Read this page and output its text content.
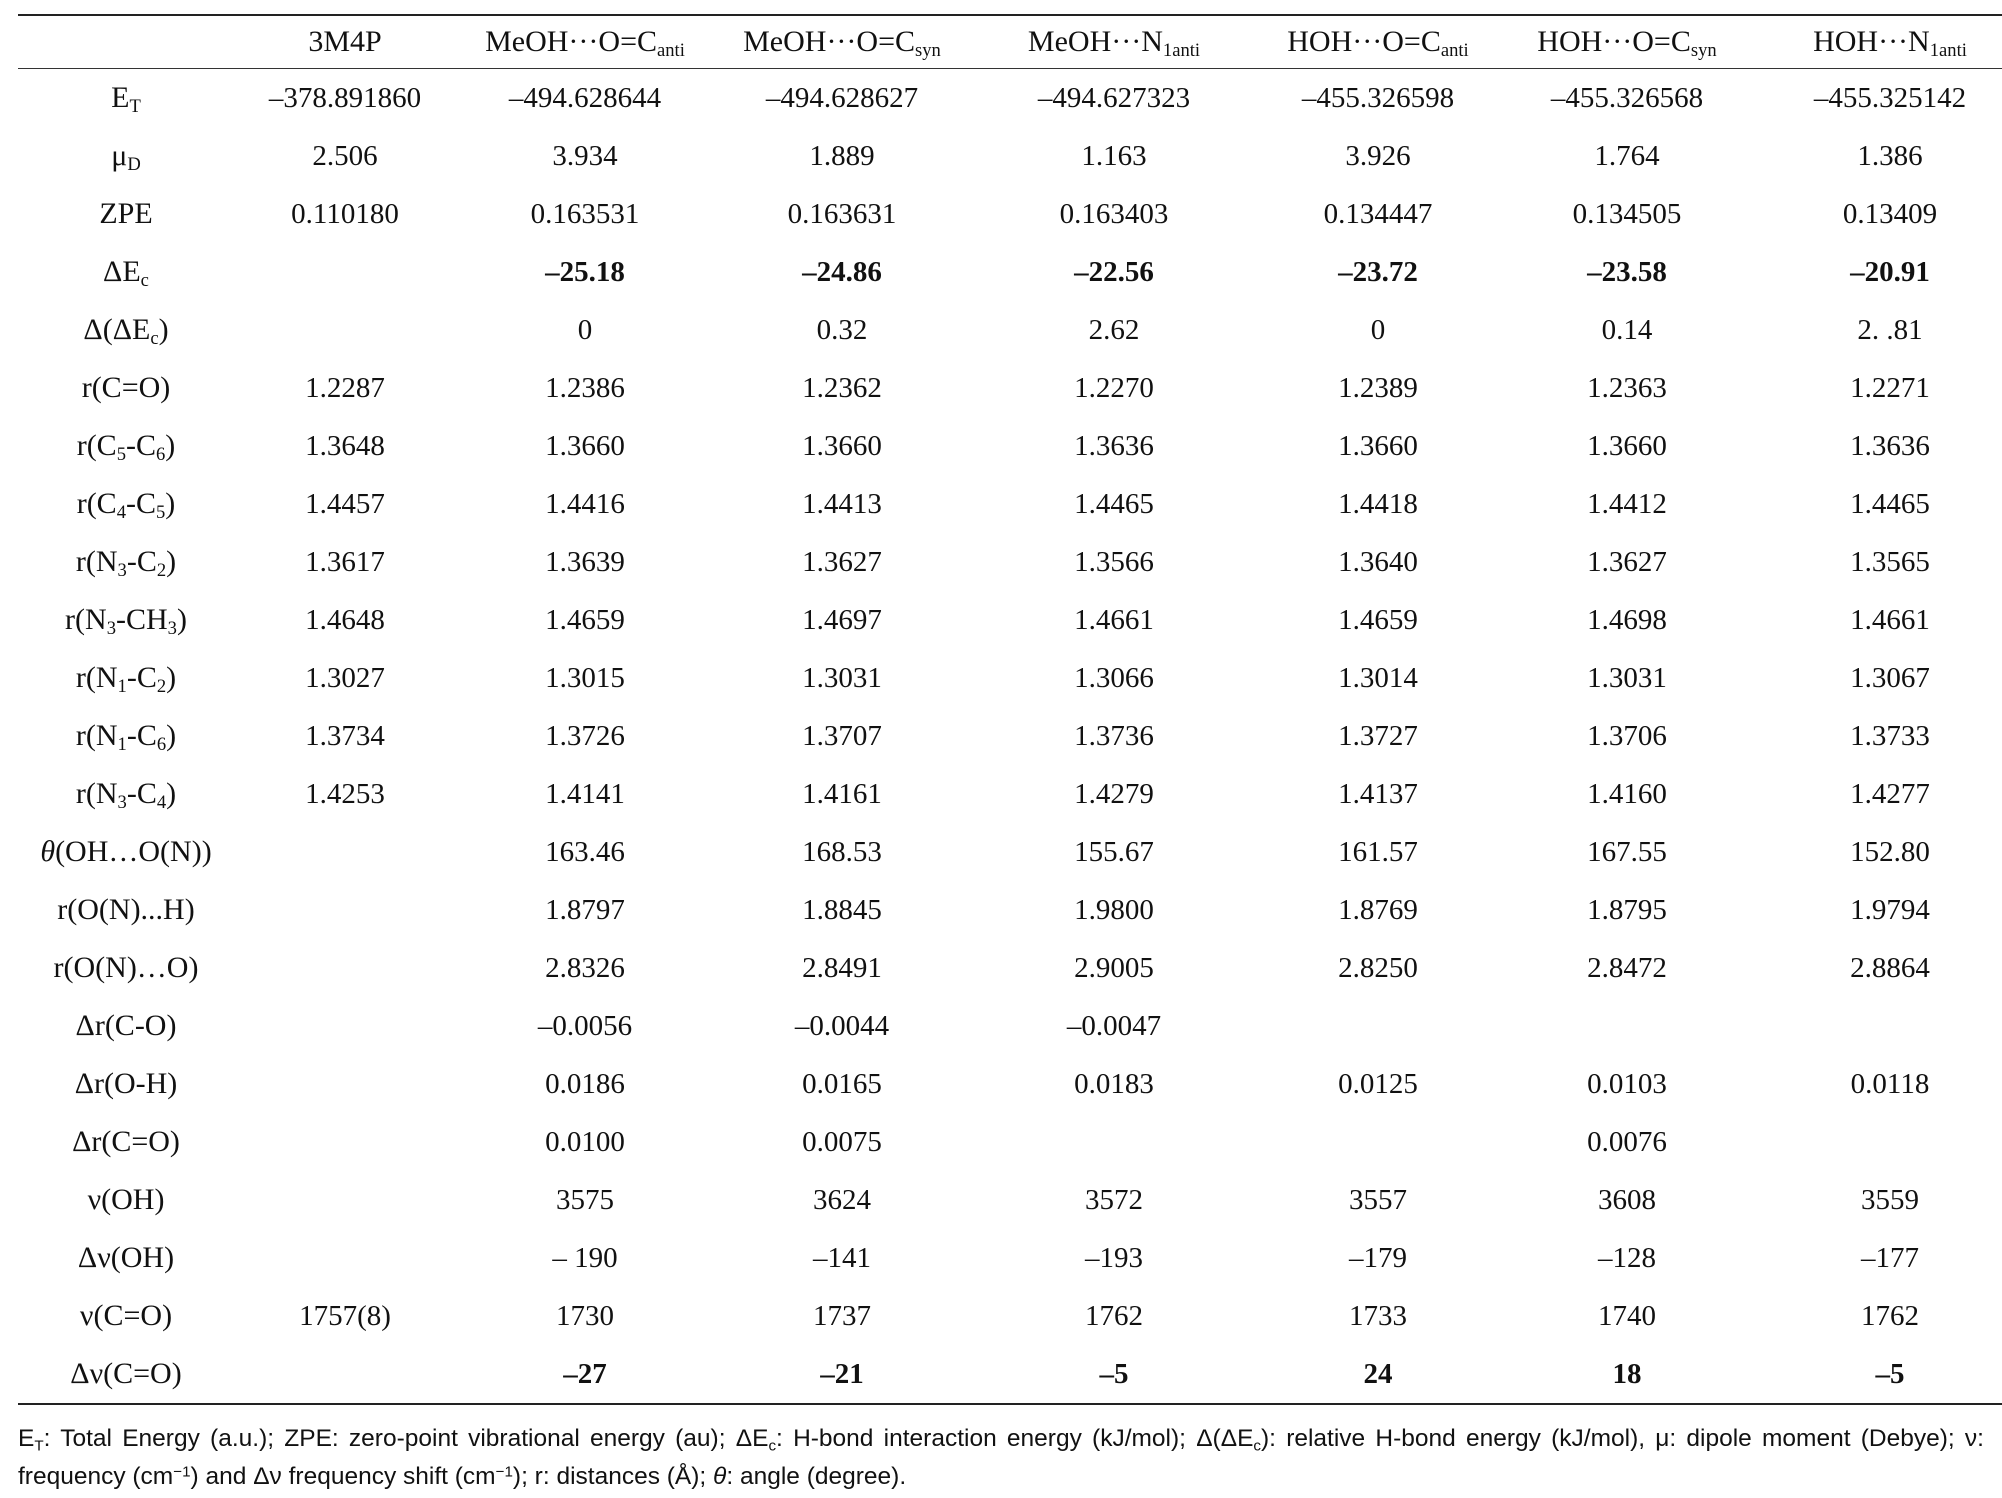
	3M4P	$MeOH\cdot\cdot\cdot O=C_{anti}$	$MeOH\cdot\cdot\cdot O=C_{syn}$	$MeOH\cdot\cdot\cdot N_{1anti}$	$HOH\cdot\cdot\cdot O=C_{anti}$	$HOH\cdot\cdot\cdot O=C_{syn}$	$HOH\cdot\cdot\cdot N_{1anti}$
$E_T$	–378.891860	–494.628644	–494.628627	–494.627323	–455.326598	–455.326568	–455.325142
$\mu_D$	2.506	3.934	1.889	1.163	3.926	1.764	1.386
ZPE	0.110180	0.163531	0.163631	0.163403	0.134447	0.134505	0.13409
$\Delta E_c$		–25.18	–24.86	–22.56	–23.72	–23.58	–20.91
$\Delta(\Delta E_c)$		0	0.32	2.62	0	0.14	2. .81
r(C=O)	1.2287	1.2386	1.2362	1.2270	1.2389	1.2363	1.2271
$r(C_5-C_6)$	1.3648	1.3660	1.3660	1.3636	1.3660	1.3660	1.3636
$r(C_4-C_5)$	1.4457	1.4416	1.4413	1.4465	1.4418	1.4412	1.4465
$r(N_3-C_2)$	1.3617	1.3639	1.3627	1.3566	1.3640	1.3627	1.3565
$r(N_3-CH_3)$	1.4648	1.4659	1.4697	1.4661	1.4659	1.4698	1.4661
$r(N_1-C_2)$	1.3027	1.3015	1.3031	1.3066	1.3014	1.3031	1.3067
$r(N_1-C_6)$	1.3734	1.3726	1.3707	1.3736	1.3727	1.3706	1.3733
$r(N_3-C_4)$	1.4253	1.4141	1.4161	1.4279	1.4137	1.4160	1.4277
θ(OH…O(N))		163.46	168.53	155.67	161.57	167.55	152.80
r(O(N)...H)		1.8797	1.8845	1.9800	1.8769	1.8795	1.9794
r(O(N)…O)		2.8326	2.8491	2.9005	2.8250	2.8472	2.8864
Δr(C-O)		–0.0056	–0.0044	–0.0047			
Δr(O-H)		0.0186	0.0165	0.0183	0.0125	0.0103	0.0118
Δr(C=O)		0.0100	0.0075			0.0076	
ν(OH)		3575	3624	3572	3557	3608	3559
Δν(OH)		– 190	–141	–193	–179	–128	–177
ν(C=O)	1757(8)	1730	1737	1762	1733	1740	1762
Δν(C=O)		–27	–21	–5	24	18	–5
$E_T$: Total Energy (a.u.); ZPE: zero-point vibrational energy (au); $\Delta E_c$: H-bond interaction energy (kJ/mol); $\Delta(\Delta E_c)$: relative H-bond energy (kJ/mol), μ: dipole moment (Debye); ν: frequency $(cm^{-1})$ and Δν frequency shift $(cm^{-1})$; r: distances (Å); θ: angle (degree).
